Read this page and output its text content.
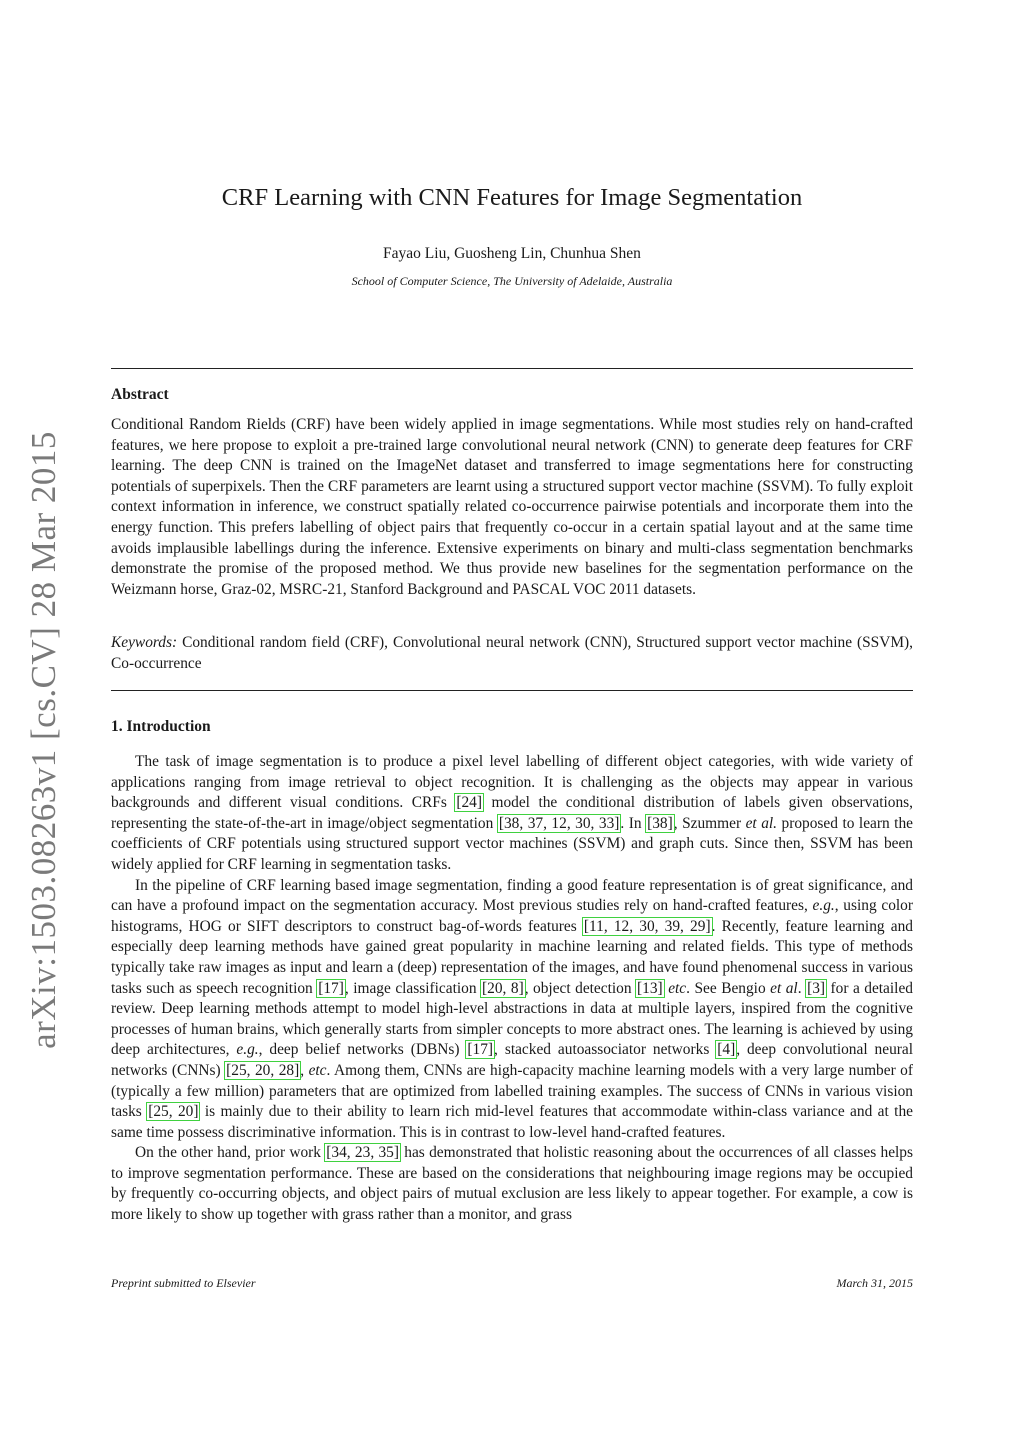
arXiv:1503.08263v1 [cs.CV] 28 Mar 2015
CRF Learning with CNN Features for Image Segmentation
Fayao Liu, Guosheng Lin, Chunhua Shen
School of Computer Science, The University of Adelaide, Australia
Abstract
Conditional Random Rields (CRF) have been widely applied in image segmentations. While most studies rely on hand-crafted features, we here propose to exploit a pre-trained large convolutional neural network (CNN) to generate deep features for CRF learning. The deep CNN is trained on the ImageNet dataset and transferred to image segmentations here for constructing potentials of superpixels. Then the CRF parameters are learnt using a structured support vector machine (SSVM). To fully exploit context information in inference, we construct spatially related co-occurrence pairwise potentials and incorporate them into the energy function. This prefers labelling of object pairs that frequently co-occur in a certain spatial layout and at the same time avoids implausible labellings during the inference. Extensive experiments on binary and multi-class segmentation benchmarks demonstrate the promise of the proposed method. We thus provide new baselines for the segmentation performance on the Weizmann horse, Graz-02, MSRC-21, Stanford Background and PASCAL VOC 2011 datasets.
Keywords: Conditional random field (CRF), Convolutional neural network (CNN), Structured support vector machine (SSVM), Co-occurrence
1. Introduction

The task of image segmentation is to produce a pixel level labelling of different object categories, with wide variety of applications ranging from image retrieval to object recognition. It is challenging as the objects may appear in various backgrounds and different visual conditions. CRFs [24] model the conditional distribution of labels given observations, representing the state-of-the-art in image/object segmentation [38, 37, 12, 30, 33]. In [38], Szummer et al. proposed to learn the coefficients of CRF potentials using structured support vector machines (SSVM) and graph cuts. Since then, SSVM has been widely applied for CRF learning in segmentation tasks.

In the pipeline of CRF learning based image segmentation, finding a good feature representation is of great significance, and can have a profound impact on the segmentation accuracy. Most previous studies rely on hand-crafted features, e.g., using color histograms, HOG or SIFT descriptors to construct bag-of-words features [11, 12, 30, 39, 29]. Recently, feature learning and especially deep learning methods have gained great popularity in machine learning and related fields. This type of methods typically take raw images as input and learn a (deep) representation of the images, and have found phenomenal success in various tasks such as speech recognition [17], image classification [20, 8], object detection [13] etc. See Bengio et al. [3] for a detailed review. Deep learning methods attempt to model high-level abstractions in data at multiple layers, inspired from the cognitive processes of human brains, which generally starts from simpler concepts to more abstract ones. The learning is achieved by using deep architectures, e.g., deep belief networks (DBNs) [17], stacked autoassociator networks [4], deep convolutional neural networks (CNNs) [25, 20, 28], etc. Among them, CNNs are high-capacity machine learning models with a very large number of (typically a few million) parameters that are optimized from labelled training examples. The success of CNNs in various vision tasks [25, 20] is mainly due to their ability to learn rich mid-level features that accommodate within-class variance and at the same time possess discriminative information. This is in contrast to low-level hand-crafted features.

On the other hand, prior work [34, 23, 35] has demonstrated that holistic reasoning about the occurrences of all classes helps to improve segmentation performance. These are based on the considerations that neighbouring image regions may be occupied by frequently co-occurring objects, and object pairs of mutual exclusion are less likely to appear together. For example, a cow is more likely to show up together with grass rather than a monitor, and grass

Preprint submitted to Elsevier	March 31, 2015
